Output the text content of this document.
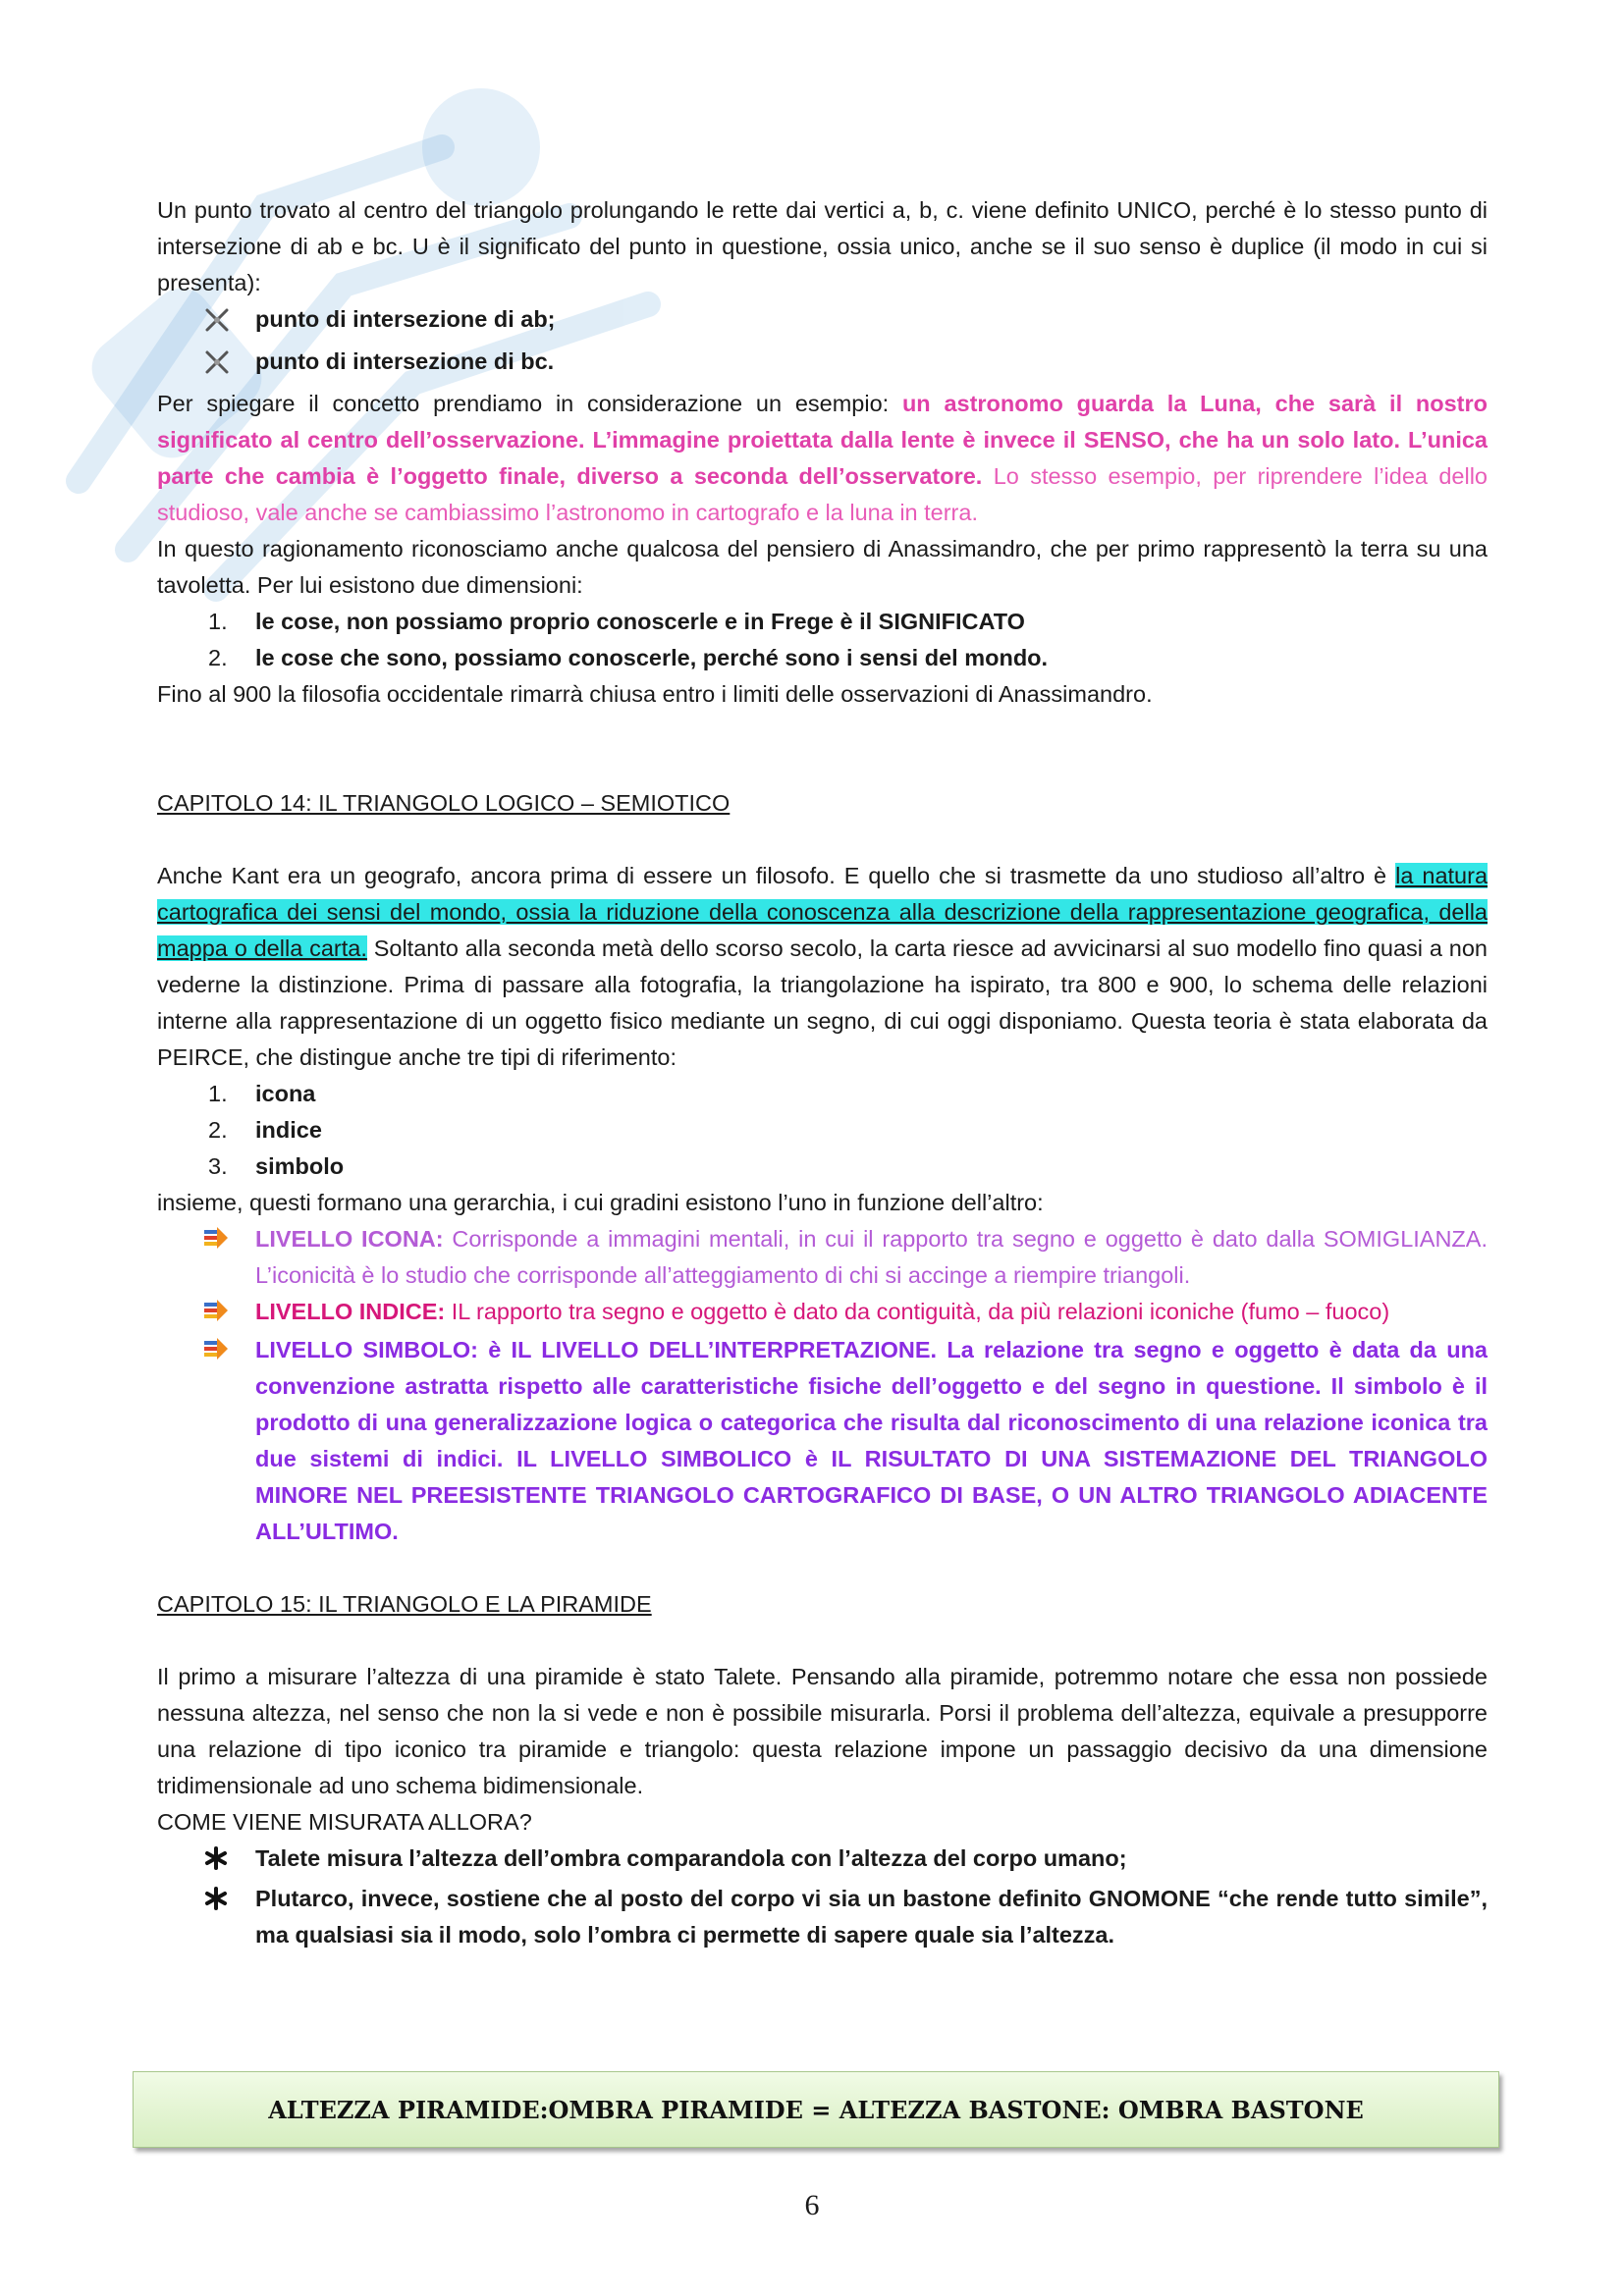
Un punto trovato al centro del triangolo prolungando le rette dai vertici a, b, c. viene definito UNICO, perché è lo stesso punto di intersezione di ab e bc. U è il significato del punto in questione, ossia unico, anche se il suo senso è duplice (il modo in cui si presenta):

punto di intersezione di ab;
punto di intersezione di bc.

Per spiegare il concetto prendiamo in considerazione un esempio: un astronomo guarda la Luna, che sarà il nostro significato al centro dell’osservazione. L’immagine proiettata dalla lente è invece il SENSO, che ha un solo lato. L’unica parte che cambia è l’oggetto finale, diverso a seconda dell’osservatore. Lo stesso esempio, per riprendere l’idea dello studioso, vale anche se cambiassimo l’astronomo in cartografo e la luna in terra.

In questo ragionamento riconosciamo anche qualcosa del pensiero di Anassimandro, che per primo rappresentò la terra su una tavoletta. Per lui esistono due dimensioni:

1.	le cose, non possiamo proprio conoscerle e in Frege è il SIGNIFICATO
2.	le cose che sono, possiamo conoscerle, perché sono i sensi del mondo.

Fino al 900 la filosofia occidentale rimarrà chiusa entro i limiti delle osservazioni di Anassimandro.

CAPITOLO 14: IL TRIANGOLO LOGICO – SEMIOTICO

Anche Kant era un geografo, ancora prima di essere un filosofo. E quello che si trasmette da uno studioso all’altro è la natura cartografica dei sensi del mondo, ossia la riduzione della conoscenza alla descrizione della rappresentazione geografica, della mappa o della carta. Soltanto alla seconda metà dello scorso secolo, la carta riesce ad avvicinarsi al suo modello fino quasi a non vederne la distinzione. Prima di passare alla fotografia, la triangolazione ha ispirato, tra 800 e 900, lo schema delle relazioni interne alla rappresentazione di un oggetto fisico mediante un segno, di cui oggi disponiamo. Questa teoria è stata elaborata da PEIRCE, che distingue anche tre tipi di riferimento:

1.	icona
2.	indice
3.	simbolo

insieme, questi formano una gerarchia, i cui gradini esistono l’uno in funzione dell’altro:

LIVELLO ICONA: Corrisponde a immagini mentali, in cui il rapporto tra segno e oggetto è dato dalla SOMIGLIANZA. L’iconicità è lo studio che corrisponde all’atteggiamento di chi si accinge a riempire triangoli.
LIVELLO INDICE: IL rapporto tra segno e oggetto è dato da contiguità, da più relazioni iconiche (fumo – fuoco)
LIVELLO SIMBOLO: è IL LIVELLO DELL’INTERPRETAZIONE. La relazione tra segno e oggetto è data da una convenzione astratta rispetto alle caratteristiche fisiche dell’oggetto e del segno in questione. Il simbolo è il prodotto di una generalizzazione logica o categorica che risulta dal riconoscimento di una relazione iconica tra due sistemi di indici. IL LIVELLO SIMBOLICO è IL RISULTATO DI UNA SISTEMAZIONE DEL TRIANGOLO MINORE NEL PREESISTENTE TRIANGOLO CARTOGRAFICO DI BASE, O UN ALTRO TRIANGOLO ADIACENTE ALL’ULTIMO.

CAPITOLO 15: IL TRIANGOLO E LA PIRAMIDE

Il primo a misurare l’altezza di una piramide è stato Talete. Pensando alla piramide, potremmo notare che essa non possiede nessuna altezza, nel senso che non la si vede e non è possibile misurarla. Porsi il problema dell’altezza, equivale a presupporre una relazione di tipo iconico tra piramide e triangolo: questa relazione impone un passaggio decisivo da una dimensione tridimensionale ad uno schema bidimensionale.

COME VIENE MISURATA ALLORA?

Talete misura l’altezza dell’ombra comparandola con l’altezza del corpo umano;
Plutarco, invece, sostiene che al posto del corpo vi sia un bastone definito GNOMONE “che rende tutto simile”, ma qualsiasi sia il modo, solo l’ombra ci permette di sapere quale sia l’altezza.
ALTEZZA PIRAMIDE:OMBRA PIRAMIDE = ALTEZZA BASTONE: OMBRA BASTONE
6
